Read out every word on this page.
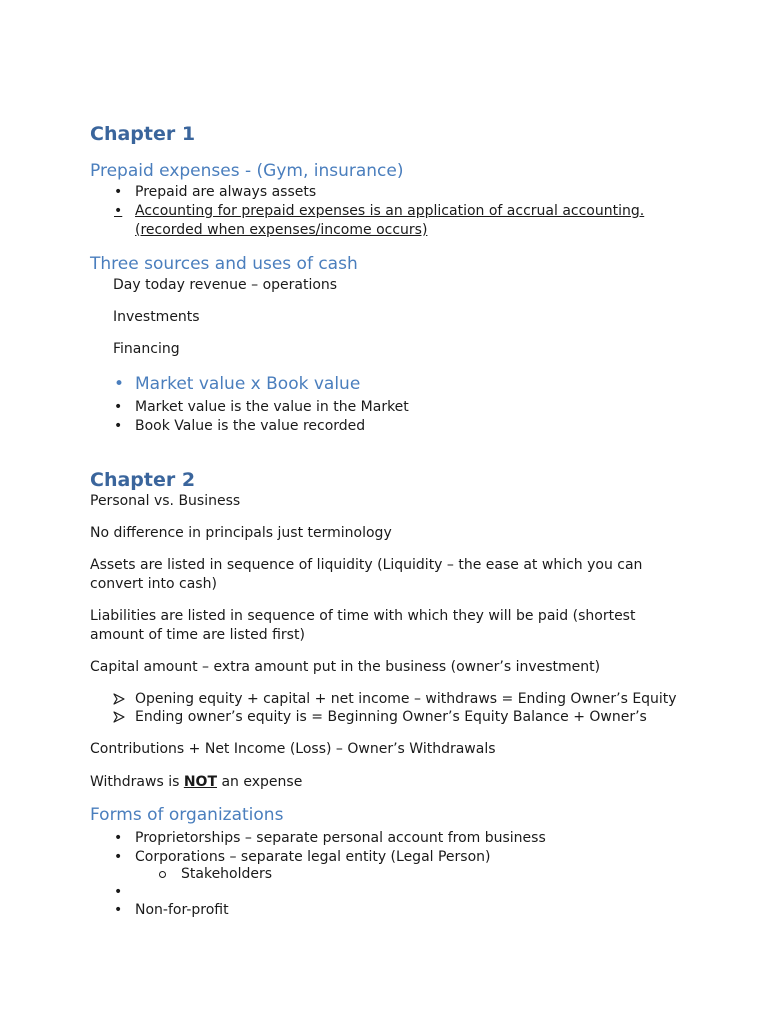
Chapter 1
Prepaid expenses - (Gym, insurance)
• Prepaid are always assets
• Accounting for prepaid expenses is an application of accrual accounting.
(recorded when expenses/income occurs)
Three sources and uses of cash
Day today revenue – operations
Investments
Financing
• Market value x Book value
• Market value is the value in the Market
• Book Value is the value recorded
Chapter 2
Personal vs. Business
No difference in principals just terminology
Assets are listed in sequence of liquidity (Liquidity – the ease at which you can
convert into cash)
Liabilities are listed in sequence of time with which they will be paid (shortest
amount of time are listed first)
Capital amount – extra amount put in the business (owner’s investment)
Opening equity + capital + net income – withdraws = Ending Owner’s Equity
Ending owner’s equity is = Beginning Owner’s Equity Balance + Owner’s
Contributions + Net Income (Loss) – Owner’s Withdrawals
Withdraws is NOT an expense
Forms of organizations
• Proprietorships – separate personal account from business
• Corporations – separate legal entity (Legal Person)
Stakeholders
•
• Non-for-profit
